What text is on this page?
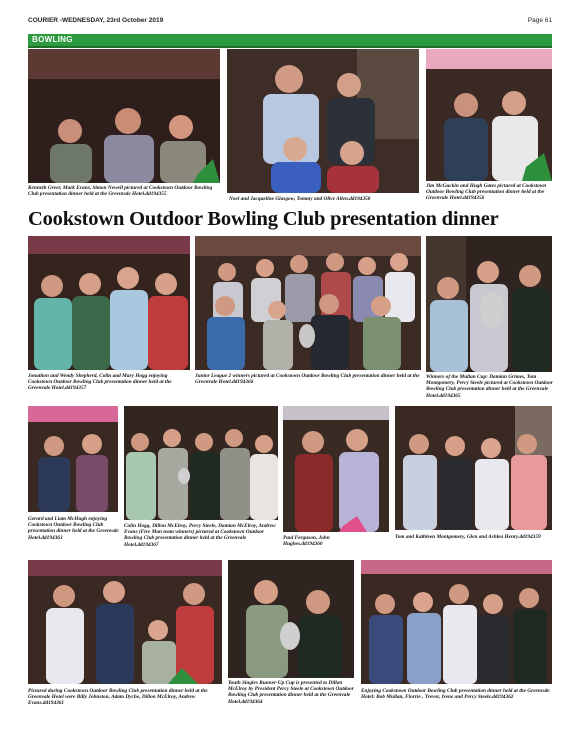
COURIER -WEDNESDAY, 23rd October 2019	Page 61
BOWLING
Kenneth Greer, Mark Evans, Simon Newell pictured at Cookstown Outdoor Bowling Club presentation dinner held at the Greenvale Hotel.dd194355
Noel and Jacqueline Glasgow, Tommy and Olive Allen.dd194358
Jim McGuckin and Hugh Gates pictured at Cookstown Outdoor Bowling Club presentation dinner held at the Greenvale Hotel.dd194356
Cookstown Outdoor Bowling Club presentation dinner
Jonathon and Wendy Shepherd, Colin and Mary Hogg enjoying Cookstown Outdoor Bowling Club presentation dinner held at the Greenvale Hotel.dd194357
Junior League 2 winners pictured at Cookstown Outdoor Bowling Club presentation dinner held at the Greenvale Hotel.dd194366
Winners of the Mullan Cup: Damian Grimes, Tom Montgomery, Percy Steele pictured at Cookstown Outdoor Bowling Club presentation dinner held at the Greenvale Hotel.dd194365
Gerard and Liam McHugh enjoying Cookstown Outdoor Bowling Club presentation dinner held at the Greenvale Hotel.dd194363
Colin Hogg, Dillon McElroy, Percy Steele, Damian McElroy, Andrew Evans (Five Man team winners) pictured at Cookstown Outdoor Bowling Club presentation dinner held at the Greenvale Hotel.dd194367
Paul Ferguson, John
Hughes.dd194360
Tom and Kathleen Montgomery, Glen and Ashlea Henry.dd194359
Pictured during Cookstown Outdoor Bowling Club presentation dinner held at the Greenvale Hotel were Billy Johnston, Adam Dyche, Dillon McElroy, Andrew Evans.dd194361
Youth Singles Runner-Up Cup is presented to Dillon McElroy by President Percy Steele at Cookstown Outdoor Bowling Club presentation dinner held at the Greenvale Hotel.dd194364
Enjoying Cookstown Outdoor Bowling Club presentation dinner held at the Greenvale Hotel: Bob Mullan, Florrie , Trevor, Irene and Percy Steele.dd194362
